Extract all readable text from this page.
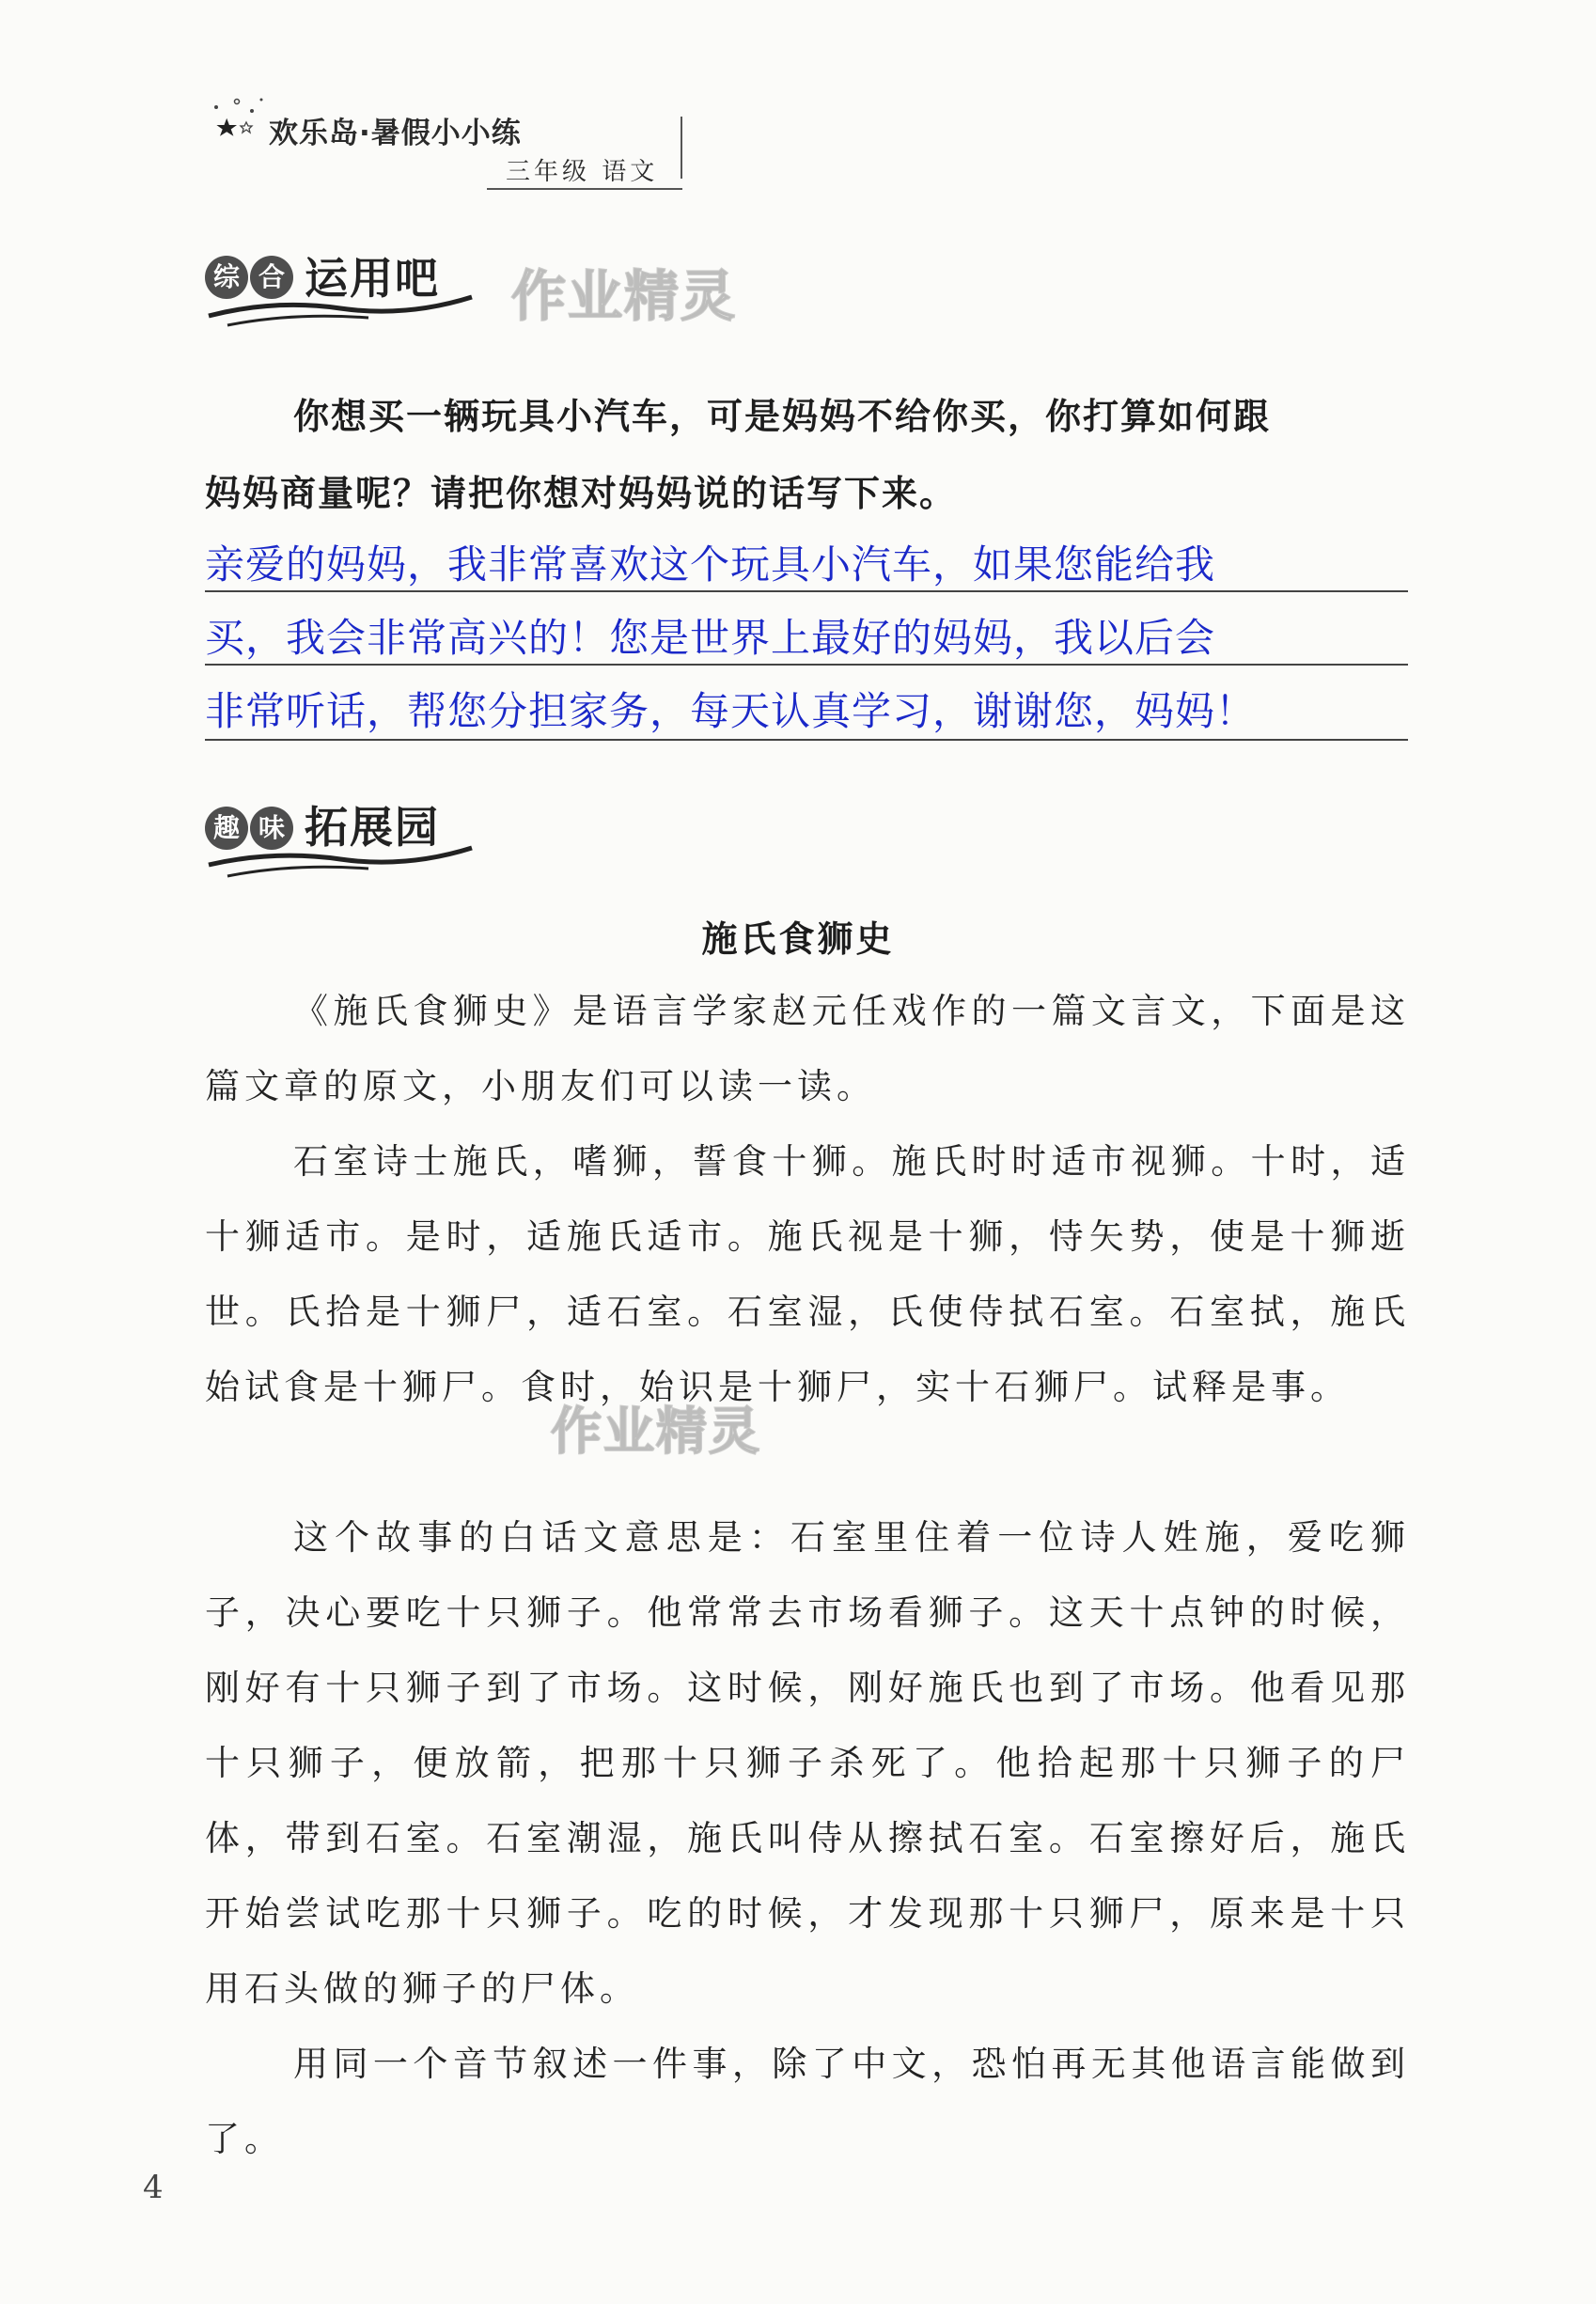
欢乐岛·暑假小小练
三年级 语文
综 合 运用吧 作业精灵
你想买一辆玩具小汽车，可是妈妈不给你买，你打算如何跟
妈妈商量呢？请把你想对妈妈说的话写下来。
亲爱的妈妈，我非常喜欢这个玩具小汽车，如果您能给我
买，我会非常高兴的！您是世界上最好的妈妈，我以后会
非常听话，帮您分担家务，每天认真学习，谢谢您，妈妈！
趣 味 拓展园
施氏食狮史
《施氏食狮史》是语言学家赵元任戏作的一篇文言文，下面是这篇文章的原文，小朋友们可以读一读。
石室诗士施氏，嗜狮，誓食十狮。施氏时时适市视狮。十时，适十狮适市。是时，适施氏适市。施氏视是十狮，恃矢势，使是十狮逝世。氏拾是十狮尸，适石室。石室湿，氏使侍拭石室。石室拭，施氏始试食是十狮尸。食时，始识是十狮尸，实十石狮尸。试释是事。
这个故事的白话文意思是：石室里住着一位诗人姓施，爱吃狮子，决心要吃十只狮子。他常常去市场看狮子。这天十点钟的时候，刚好有十只狮子到了市场。这时候，刚好施氏也到了市场。他看见那十只狮子，便放箭，把那十只狮子杀死了。他拾起那十只狮子的尸体，带到石室。石室潮湿，施氏叫侍从擦拭石室。石室擦好后，施氏开始尝试吃那十只狮子。吃的时候，才发现那十只狮尸，原来是十只用石头做的狮子的尸体。
用同一个音节叙述一件事，除了中文，恐怕再无其他语言能做到了。
作业精灵
4
